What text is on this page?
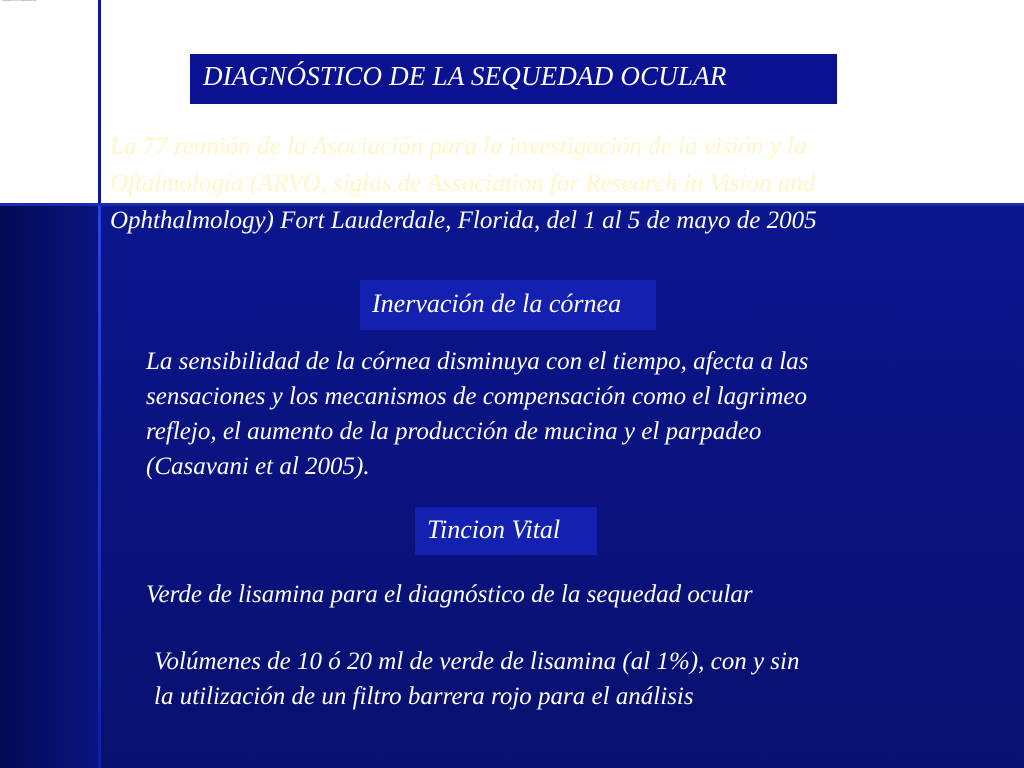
Diagnóstico de la sequedad ocular
DIAGNÓSTICO DE LA SEQUEDAD OCULAR
La 77 reunión de la Asociación para la investigación de la visión y la
Oftalmología (ARVO, siglas de Association for Research in Vision and
Ophthalmology) Fort Lauderdale, Florida, del 1 al 5 de mayo de 2005
Inervación de la córnea
La sensibilidad de la córnea disminuya con el tiempo, afecta a las
sensaciones y los mecanismos de compensación como el lagrimeo
reflejo, el aumento de la producción de mucina y el parpadeo
(Casavani et al 2005).
Tincion Vital
Verde de lisamina para el diagnóstico de la sequedad ocular
Volúmenes de 10 ó 20 ml de verde de lisamina (al 1%), con y sin
la utilización de un filtro barrera rojo para el análisis
